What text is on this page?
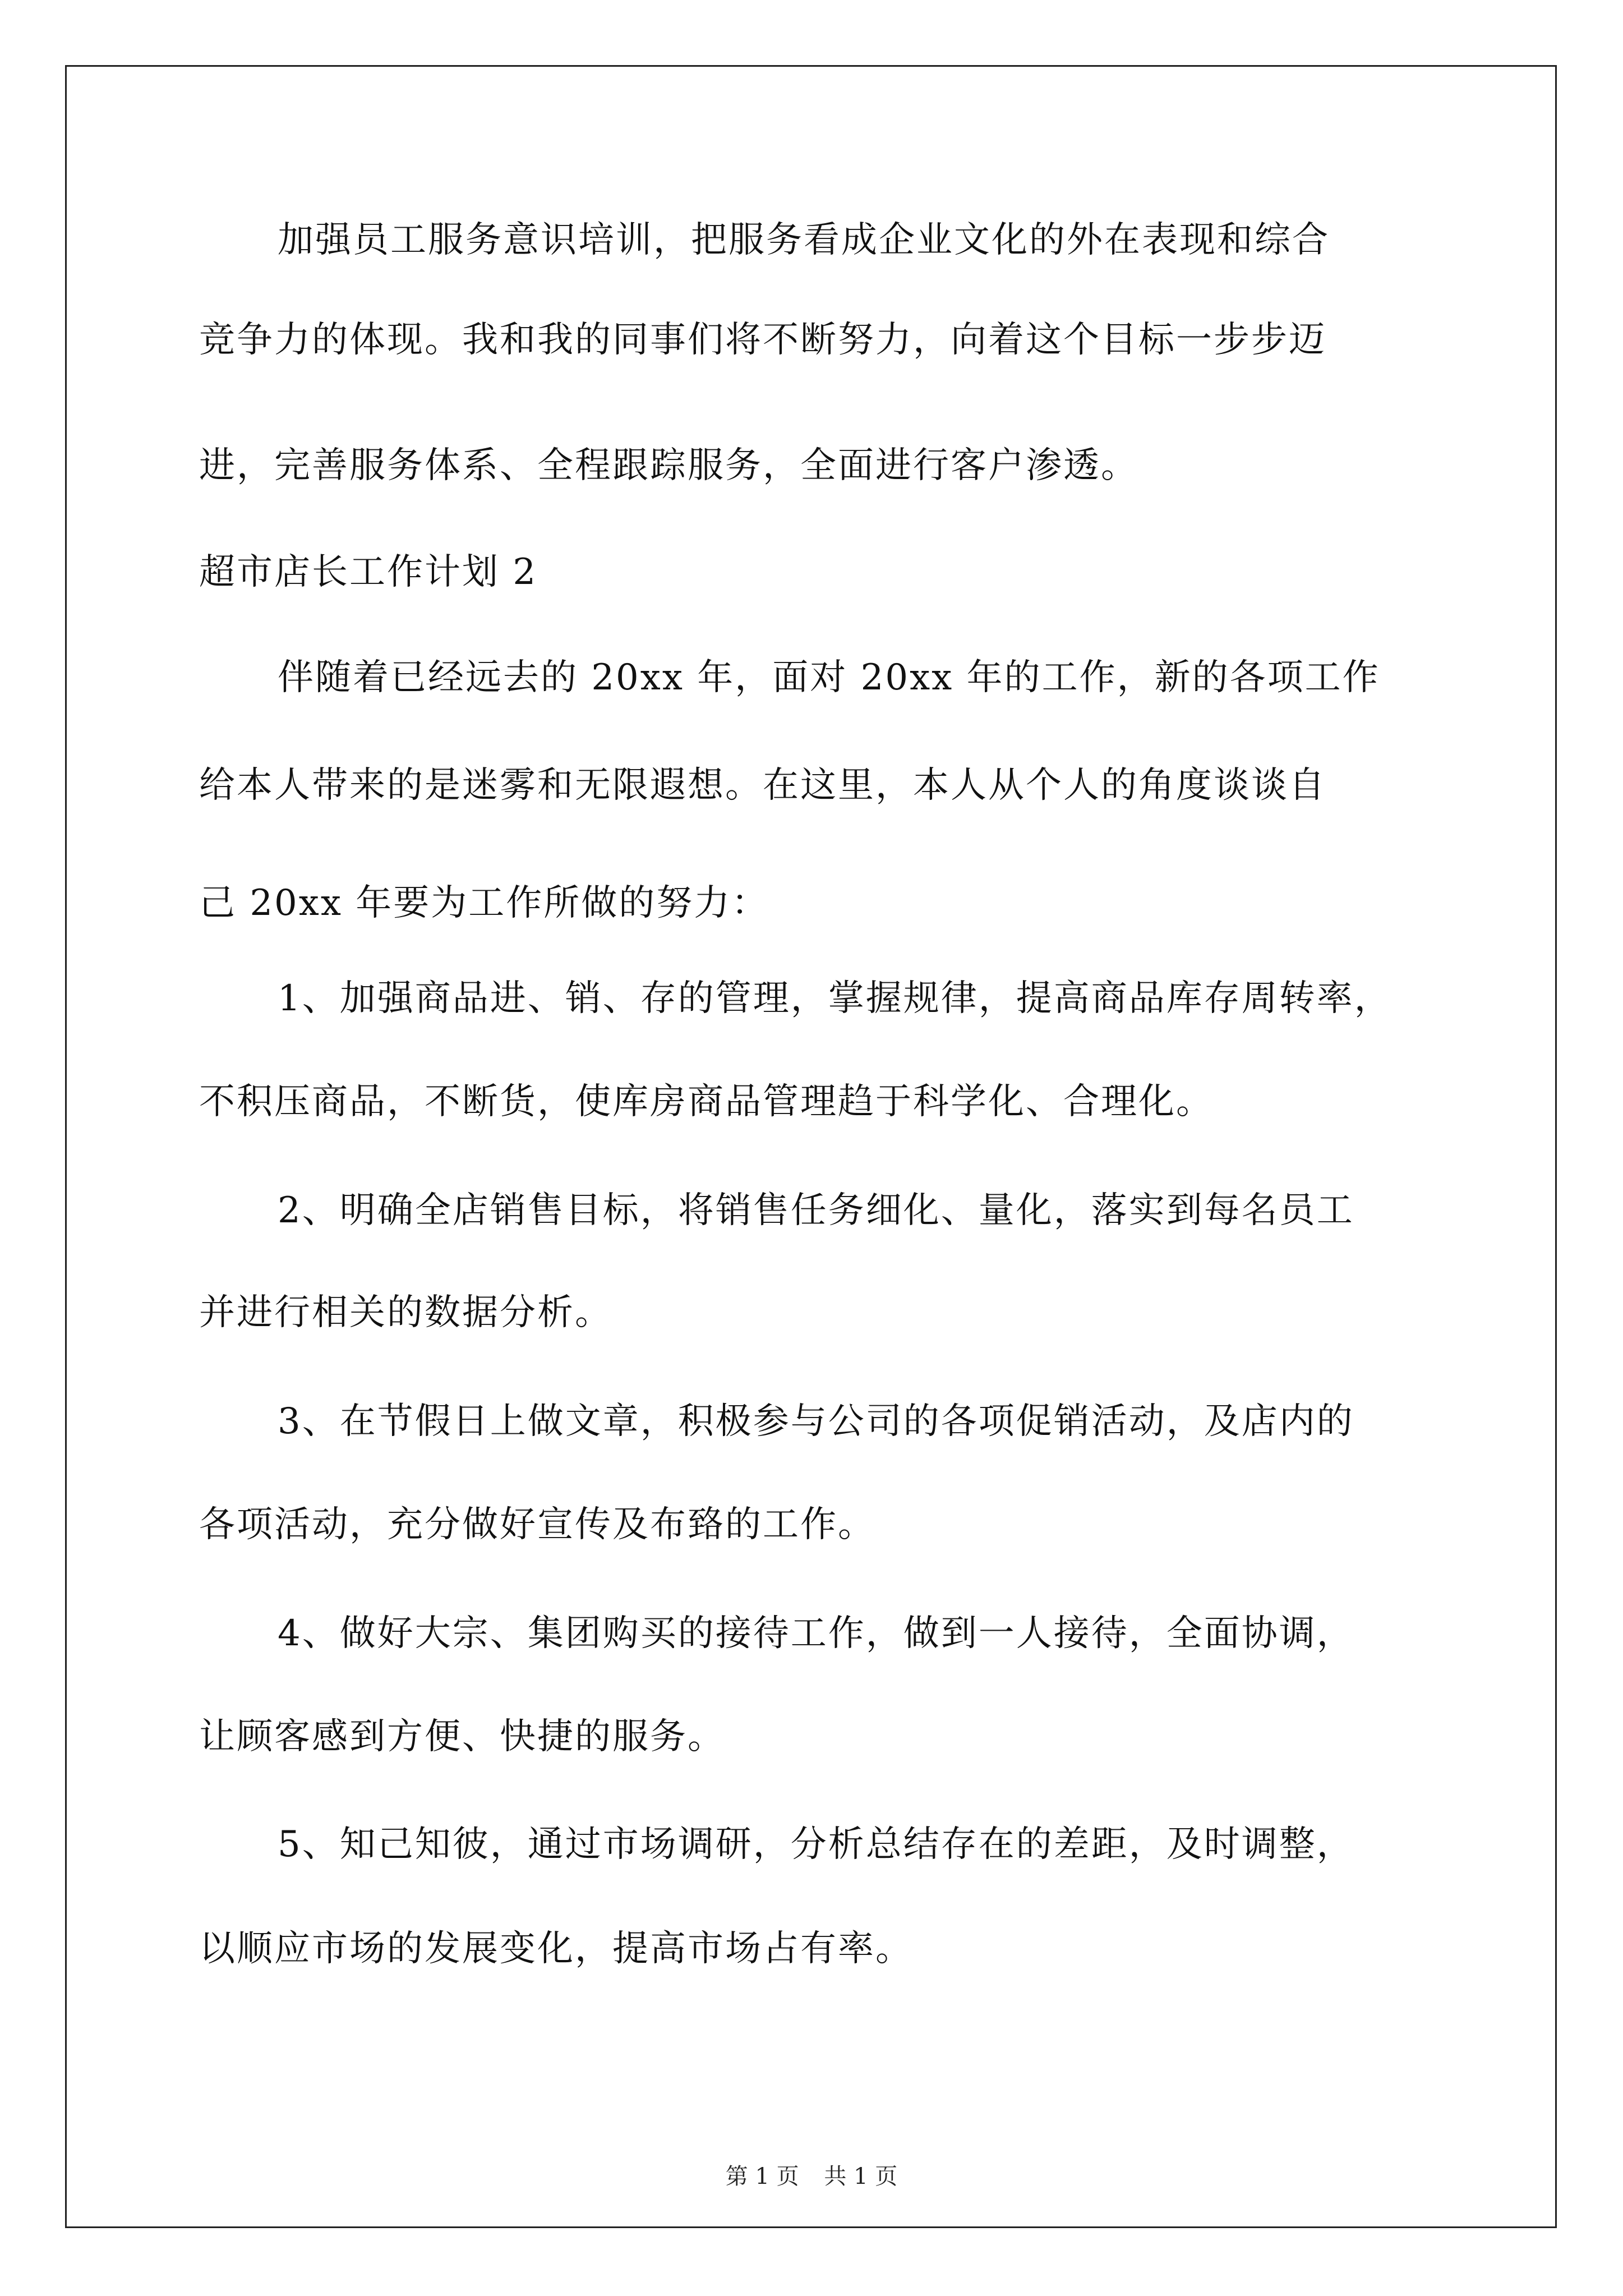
加强员工服务意识培训，把服务看成企业文化的外在表现和综合
竞争力的体现。我和我的同事们将不断努力，向着这个目标一步步迈
进，完善服务体系、全程跟踪服务，全面进行客户渗透。
超市店长工作计划 2
伴随着已经远去的 20xx 年，面对 20xx 年的工作，新的各项工作
给本人带来的是迷雾和无限遐想。在这里，本人从个人的角度谈谈自
己 20xx 年要为工作所做的努力：
1、加强商品进、销、存的管理，掌握规律，提高商品库存周转率，
不积压商品，不断货，使库房商品管理趋于科学化、合理化。
2、明确全店销售目标，将销售任务细化、量化，落实到每名员工
并进行相关的数据分析。
3、在节假日上做文章，积极参与公司的各项促销活动，及店内的
各项活动，充分做好宣传及布臵的工作。
4、做好大宗、集团购买的接待工作，做到一人接待，全面协调，
让顾客感到方便、快捷的服务。
5、知己知彼，通过市场调研，分析总结存在的差距，及时调整，
以顺应市场的发展变化，提高市场占有率。
第 1 页 共 1 页
